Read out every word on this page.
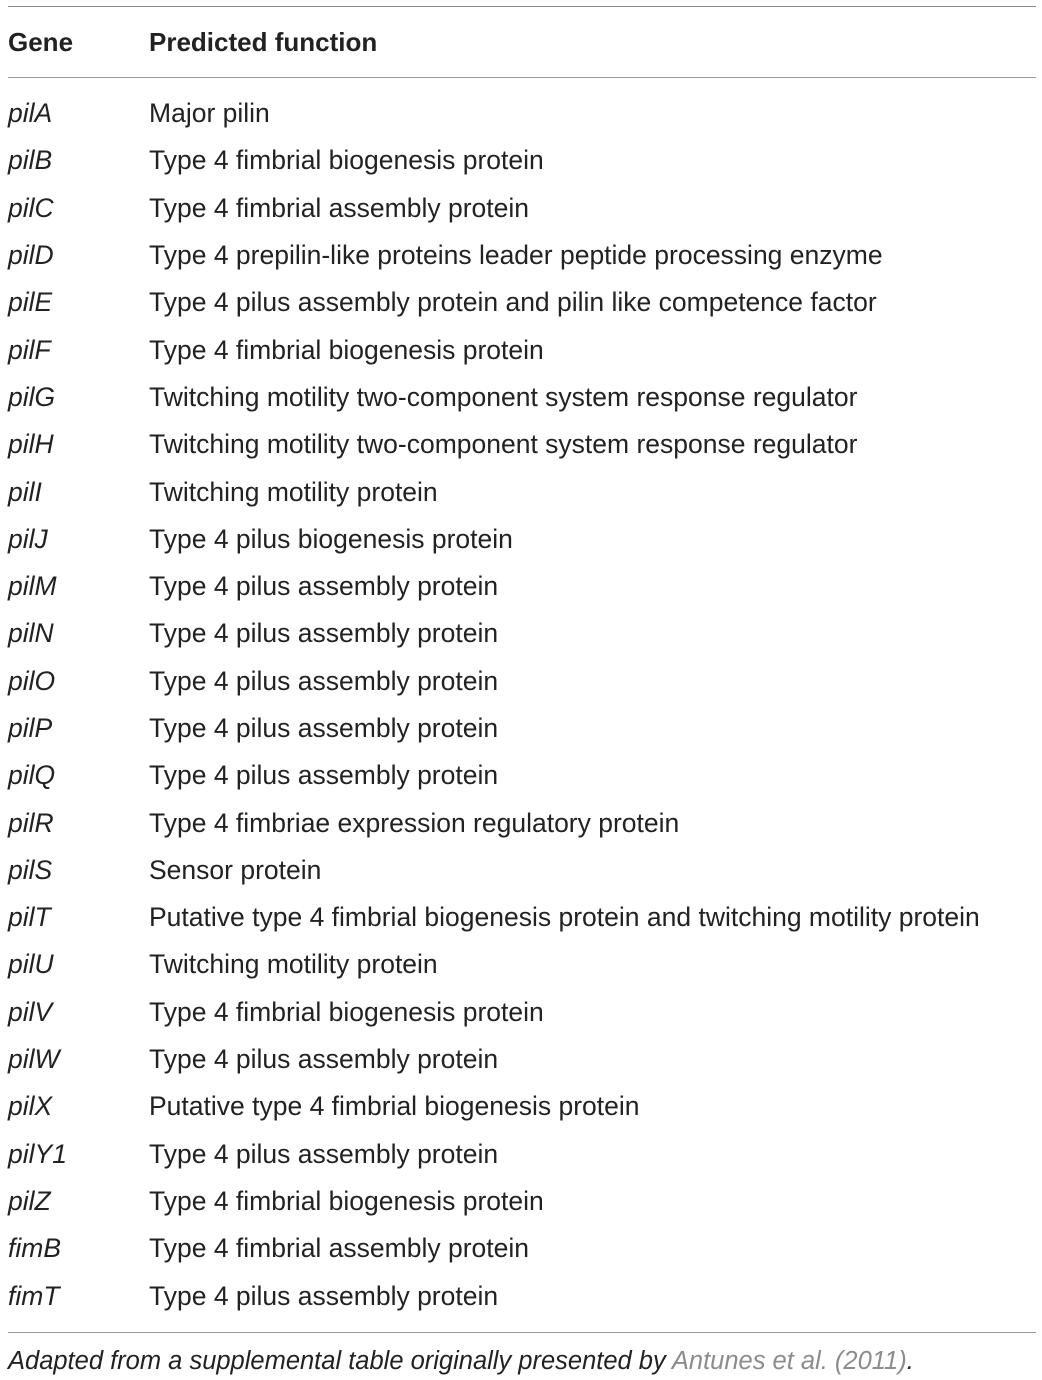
Gene	Predicted function
pilA	Major pilin
pilB	Type 4 fimbrial biogenesis protein
pilC	Type 4 fimbrial assembly protein
pilD	Type 4 prepilin-like proteins leader peptide processing enzyme
pilE	Type 4 pilus assembly protein and pilin like competence factor
pilF	Type 4 fimbrial biogenesis protein
pilG	Twitching motility two-component system response regulator
pilH	Twitching motility two-component system response regulator
pilI	Twitching motility protein
pilJ	Type 4 pilus biogenesis protein
pilM	Type 4 pilus assembly protein
pilN	Type 4 pilus assembly protein
pilO	Type 4 pilus assembly protein
pilP	Type 4 pilus assembly protein
pilQ	Type 4 pilus assembly protein
pilR	Type 4 fimbriae expression regulatory protein
pilS	Sensor protein
pilT	Putative type 4 fimbrial biogenesis protein and twitching motility protein
pilU	Twitching motility protein
pilV	Type 4 fimbrial biogenesis protein
pilW	Type 4 pilus assembly protein
pilX	Putative type 4 fimbrial biogenesis protein
pilY1	Type 4 pilus assembly protein
pilZ	Type 4 fimbrial biogenesis protein
fimB	Type 4 fimbrial assembly protein
fimT	Type 4 pilus assembly protein
Adapted from a supplemental table originally presented by Antunes et al. (2011).
